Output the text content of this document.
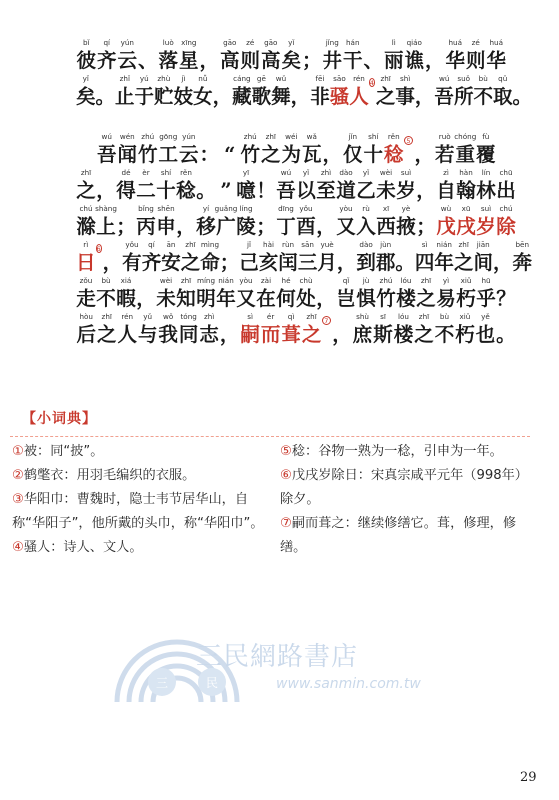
彼
bǐ
齐
qí
云
yún
、 落
luò
星
xīng
， 高
gāo
则
zé
高
gāo
矣
yǐ
； 井
jǐng
干
hán
、 丽
lì
谯
qiáo
， 华
huá
则
zé
华
huá
矣
yǐ
。 止
zhǐ
于
yú
贮
zhù
妓
jì
女
nǚ
， 藏
cáng
歌
gē
舞
wǔ
， 非
fēi
骚
sāo
人
rén 4
之
zhī
事
shì
， 吾
wú
所
suǒ
不
bù
取
qǔ
。

吾
wú
闻
wén
竹
zhú
工
gōng
云
yún
： “ 竹
zhú
之
zhī
为
wéi
瓦
wǎ
， 仅
jǐn
十
shí
稔
rěn	5
， 若
ruò
重
chóng
覆
fù
之
zhī
， 得
dé
二
èr
十
shí
稔
rěn
。 ” 噫
yī
！ 吾
wú
以
yǐ
至
zhì
道
dào
乙
yǐ
未
wèi
岁
suì
， 自
zì
翰
hàn
林
lín
出
chū
滁
chú
上
shàng
； 丙
bǐng
申
shēn
， 移
yí
广
guǎng
陵
líng
； 丁
dīng
酉
yǒu
， 又
yòu
入
rù
西
xī
掖
yè
； 戊
wù
戌
xū
岁
suì
除
chú
日
rì 6
， 有
yǒu
齐
qí
安
ān
之
zhī
命
mìng
； 己
jǐ
亥
hài
闰
rùn
三
sān
月
yuè
， 到
dào
郡
jùn
。 四
sì
年
nián
之
zhī
间
jiān
， 奔
bēn
走
zǒu
不
bù
暇
xiá
， 未
wèi
知
zhī
明
míng
年
nián
又
yòu
在
zài
何
hé
处
chù
， 岂
qǐ
惧
jù
竹
zhú
楼
lóu
之
zhī
易
yì
朽
xiǔ
乎
hū
？
后
hòu
之
zhī
人
rén
与
yǔ
我
wǒ
同
tóng
志
zhì
， 嗣
sì
而
ér
葺
qì
之
zhī	7
， 庶
shù
斯
sī
楼
lóu
之
zhī
不
bù
朽
xiǔ
也
yě
。
【小词典】
①被：同“披”。
②鹤氅衣：用羽毛编织的衣服。
③华阳巾：曹魏时，隐士韦节居华山，自称“华阳子”，他所戴的头巾，称“华阳巾”。
④骚人：诗人、文人。
⑤稔：谷物一熟为一稔，引申为一年。
⑥戊戌岁除日：宋真宗咸平元年（998年）除夕。
⑦嗣而葺之：继续修缮它。葺，修理，修缮。
三	民
三民網路書店
www.sanmin.com.tw
29
